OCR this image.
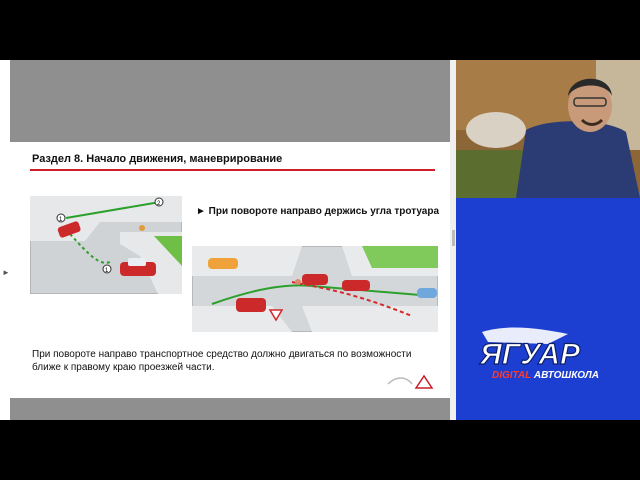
►
Раздел 8. Начало движения, маневрирование
1
2
1
► При повороте направо держись угла тротуара
При повороте направо транспортное средство должно двигаться по возможности ближе к правому краю проезжей части.	ЯГУАР
DIGITAL АВТОШКОЛА
